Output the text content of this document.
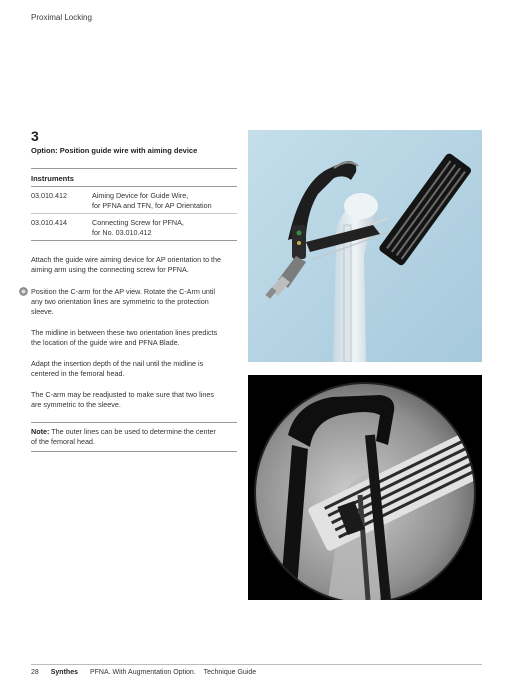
Proximal Locking
3
Option: Position guide wire with aiming device
Instruments
03.010.412	Aiming Device for Guide Wire,
for PFNA and TFN, for AP Orientation
03.010.414	Connecting Screw for PFNA,
for No. 03.010.412
Attach the guide wire aiming device for AP orientation to the
aiming arm using the connecting screw for PFNA.
Position the C-arm for the AP view. Rotate the C-Arm until
any two orientation lines are symmetric to the protection
sleeve.
The midline in between these two orientation lines predicts
the location of the guide wire and PFNA Blade.
Adapt the insertion depth of the nail until the midline is
centered in the femoral head.
The C-arm may be readjusted to make sure that two lines
are symmetric to the sleeve.
Note: The outer lines can be used to determine the center
of the femoral head.
28 Synthes PFNA. With Augmentation Option. Technique Guide
